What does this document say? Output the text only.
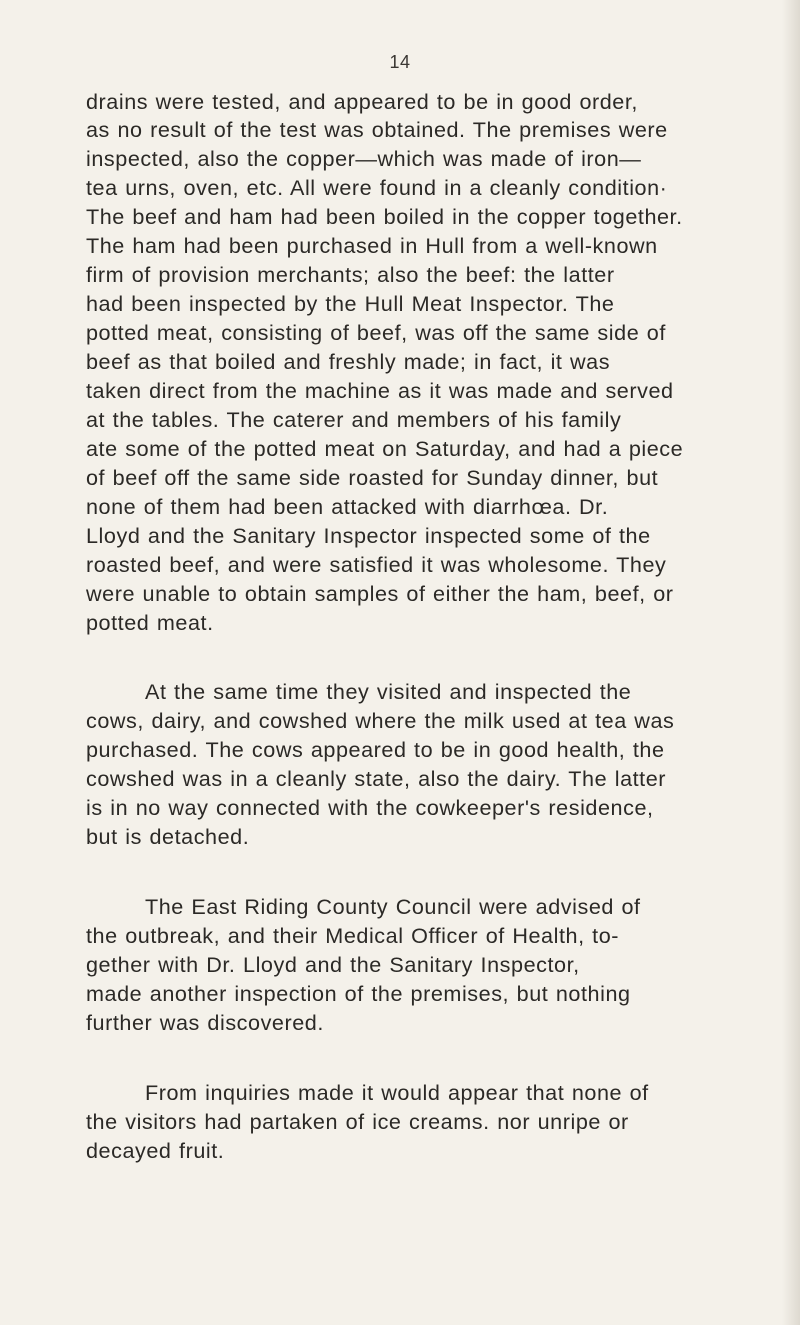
14
drains were tested, and appeared to be in good order,
as no result of the test was obtained. The premises were
inspected, also the copper—which was made of iron—
tea urns, oven, etc. All were found in a cleanly condition·
The beef and ham had been boiled in the copper together.
The ham had been purchased in Hull from a well-known
firm of provision merchants; also the beef: the latter
had been inspected by the Hull Meat Inspector. The
potted meat, consisting of beef, was off the same side of
beef as that boiled and freshly made; in fact, it was
taken direct from the machine as it was made and served
at the tables. The caterer and members of his family
ate some of the potted meat on Saturday, and had a piece
of beef off the same side roasted for Sunday dinner, but
none of them had been attacked with diarrhœa. Dr.
Lloyd and the Sanitary Inspector inspected some of the
roasted beef, and were satisfied it was wholesome. They
were unable to obtain samples of either the ham, beef, or
potted meat.
At the same time they visited and inspected the
cows, dairy, and cowshed where the milk used at tea was
purchased. The cows appeared to be in good health, the
cowshed was in a cleanly state, also the dairy. The latter
is in no way connected with the cowkeeper's residence,
but is detached.
The East Riding County Council were advised of
the outbreak, and their Medical Officer of Health, to-
gether with Dr. Lloyd and the Sanitary Inspector,
made another inspection of the premises, but nothing
further was discovered.
From inquiries made it would appear that none of
the visitors had partaken of ice creams. nor unripe or
decayed fruit.
